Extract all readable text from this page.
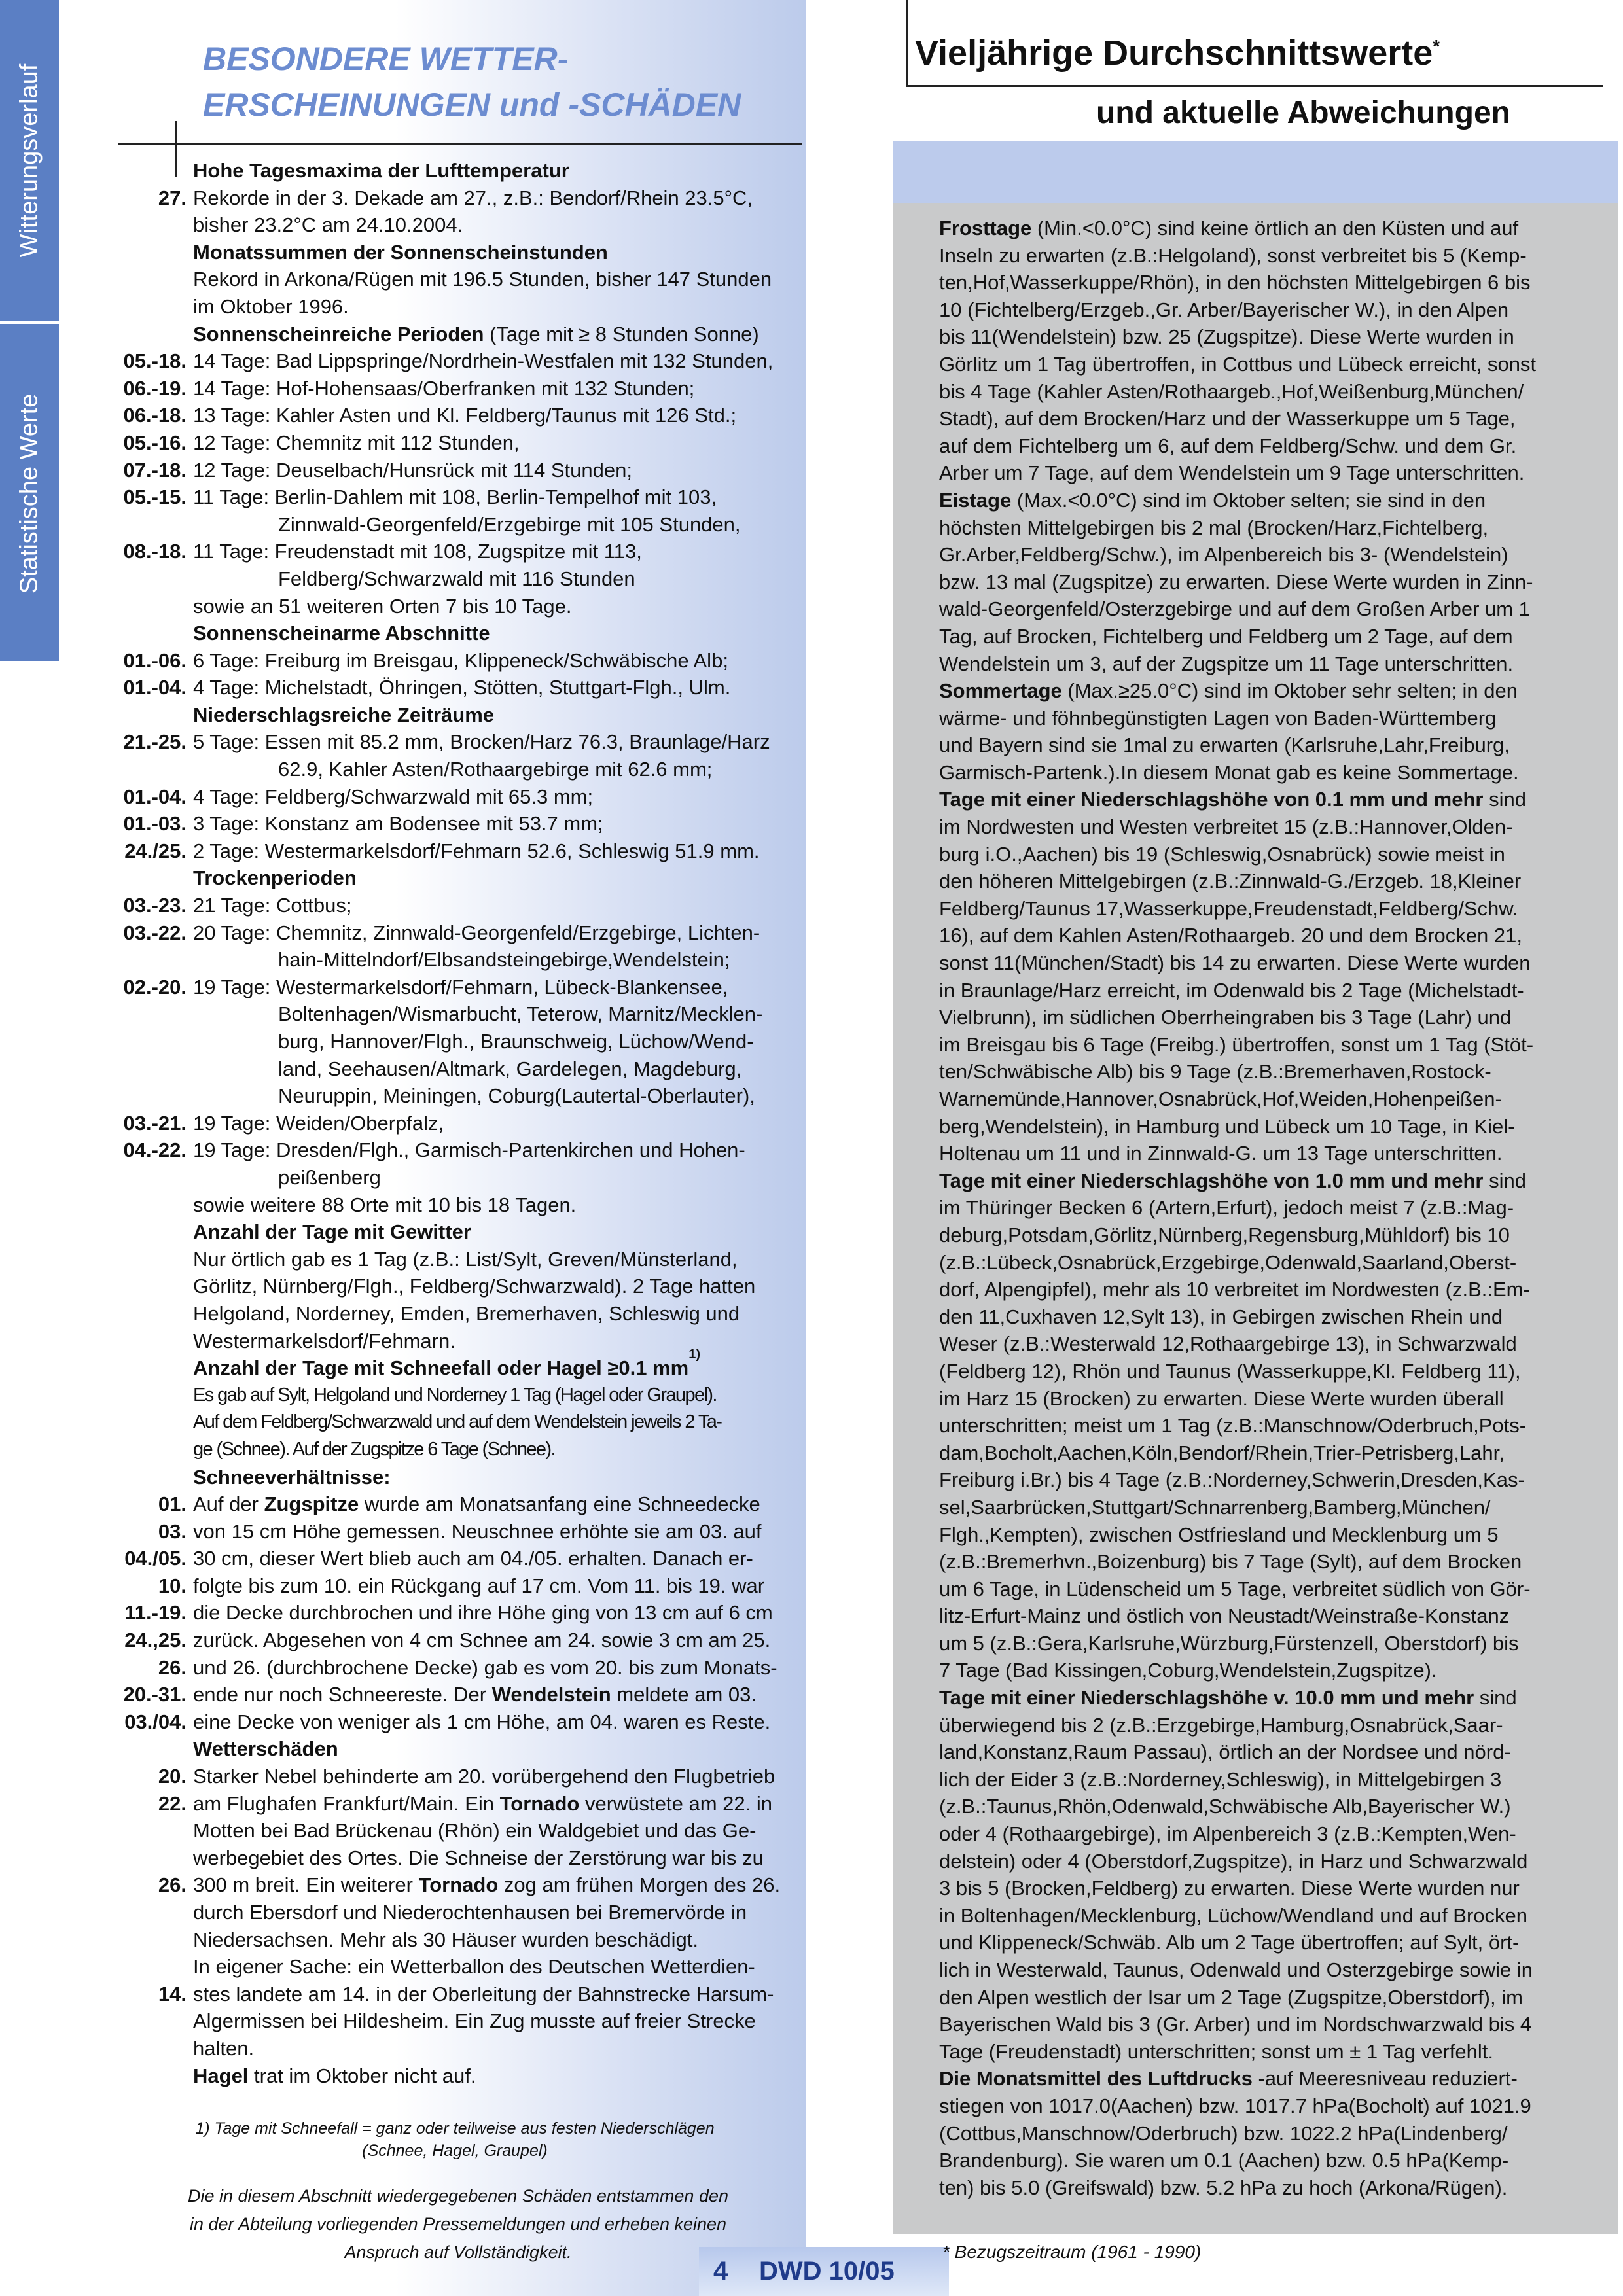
Witterungsverlauf
Statistische Werte
BESONDERE WETTER-
ERSCHEINUNGEN und -SCHÄDEN
Hohe Tagesmaxima der Lufttemperatur
27. Rekorde in der 3. Dekade am 27., z.B.: Bendorf/Rhein 23.5°C,
bisher 23.2°C am 24.10.2004.
Monatssummen der Sonnenscheinstunden
Rekord in Arkona/Rügen mit 196.5 Stunden, bisher 147 Stunden
im Oktober 1996.
Sonnenscheinreiche Perioden (Tage mit ≥ 8 Stunden Sonne)
05.-18. 14 Tage: Bad Lippspringe/Nordrhein-Westfalen mit 132 Stunden,
06.-19. 14 Tage: Hof-Hohensaas/Oberfranken mit 132 Stunden;
06.-18. 13 Tage: Kahler Asten und Kl. Feldberg/Taunus mit 126 Std.;
05.-16. 12 Tage: Chemnitz mit 112 Stunden,
07.-18. 12 Tage: Deuselbach/Hunsrück mit 114 Stunden;
05.-15. 11 Tage: Berlin-Dahlem mit 108, Berlin-Tempelhof mit 103,
Zinnwald-Georgenfeld/Erzgebirge mit 105 Stunden,
08.-18. 11 Tage: Freudenstadt mit 108, Zugspitze mit 113,
Feldberg/Schwarzwald mit 116 Stunden
sowie an 51 weiteren Orten 7 bis 10 Tage.
Sonnenscheinarme Abschnitte
01.-06. 6 Tage: Freiburg im Breisgau, Klippeneck/Schwäbische Alb;
01.-04. 4 Tage: Michelstadt, Öhringen, Stötten, Stuttgart-Flgh., Ulm.
Niederschlagsreiche Zeiträume
21.-25. 5 Tage: Essen mit 85.2 mm, Brocken/Harz 76.3, Braunlage/Harz
62.9, Kahler Asten/Rothaargebirge mit 62.6 mm;
01.-04. 4 Tage: Feldberg/Schwarzwald mit 65.3 mm;
01.-03. 3 Tage: Konstanz am Bodensee mit 53.7 mm;
24./25. 2 Tage: Westermarkelsdorf/Fehmarn 52.6, Schleswig 51.9 mm.
Trockenperioden
03.-23. 21 Tage: Cottbus;
03.-22. 20 Tage: Chemnitz, Zinnwald-Georgenfeld/Erzgebirge, Lichten-
hain-Mittelndorf/Elbsandsteingebirge,Wendelstein;
02.-20. 19 Tage: Westermarkelsdorf/Fehmarn, Lübeck-Blankensee,
Boltenhagen/Wismarbucht, Teterow, Marnitz/Mecklen-
burg, Hannover/Flgh., Braunschweig, Lüchow/Wend-
land, Seehausen/Altmark, Gardelegen, Magdeburg,
Neuruppin, Meiningen, Coburg(Lautertal-Oberlauter),
03.-21. 19 Tage: Weiden/Oberpfalz,
04.-22. 19 Tage: Dresden/Flgh., Garmisch-Partenkirchen und Hohen-
peißenberg
sowie weitere 88 Orte mit 10 bis 18 Tagen.
Anzahl der Tage mit Gewitter
Nur örtlich gab es 1 Tag (z.B.: List/Sylt, Greven/Münsterland,
Görlitz, Nürnberg/Flgh., Feldberg/Schwarzwald). 2 Tage hatten
Helgoland, Norderney, Emden, Bremerhaven, Schleswig und
Westermarkelsdorf/Fehmarn.
Anzahl der Tage mit Schneefall oder Hagel ≥0.1 mm
1)
Es gab auf Sylt, Helgoland und Norderney 1 Tag (Hagel oder Graupel).
Auf dem Feldberg/Schwarzwald und auf dem Wendelstein jeweils 2 Ta-
ge (Schnee). Auf der Zugspitze 6 Tage (Schnee).
Schneeverhältnisse:
01. Auf der Zugspitze wurde am Monatsanfang eine Schneedecke
03. von 15 cm Höhe gemessen. Neuschnee erhöhte sie am 03. auf
04./05. 30 cm, dieser Wert blieb auch am 04./05. erhalten. Danach er-
10. folgte bis zum 10. ein Rückgang auf 17 cm. Vom 11. bis 19. war
11.-19. die Decke durchbrochen und ihre Höhe ging von 13 cm auf 6 cm
24.,25. zurück. Abgesehen von 4 cm Schnee am 24. sowie 3 cm am 25.
26. und 26. (durchbrochene Decke) gab es vom 20. bis zum Monats-
20.-31. ende nur noch Schneereste. Der Wendelstein meldete am 03.
03./04. eine Decke von weniger als 1 cm Höhe, am 04. waren es Reste.
Wetterschäden
20. Starker Nebel behinderte am 20. vorübergehend den Flugbetrieb
22. am Flughafen Frankfurt/Main. Ein Tornado verwüstete am 22. in
Motten bei Bad Brückenau (Rhön) ein Waldgebiet und das Ge-
werbegebiet des Ortes. Die Schneise der Zerstörung war bis zu
26. 300 m breit. Ein weiterer Tornado zog am frühen Morgen des 26.
durch Ebersdorf und Niederochtenhausen bei Bremervörde in
Niedersachsen. Mehr als 30 Häuser wurden beschädigt.
In eigener Sache: ein Wetterballon des Deutschen Wetterdien-
14. stes landete am 14. in der Oberleitung der Bahnstrecke Harsum-
Algermissen bei Hildesheim. Ein Zug musste auf freier Strecke
halten.
Hagel trat im Oktober nicht auf.
1) Tage mit Schneefall = ganz oder teilweise aus festen Niederschlägen
(Schnee, Hagel, Graupel)
Die in diesem Abschnitt wiedergegebenen Schäden entstammen den
in der Abteilung vorliegenden Pressemeldungen und erheben keinen
Anspruch auf Vollständigkeit.
4 DWD 10/05
Vieljährige Durchschnittswerte*
und aktuelle Abweichungen
Frosttage (Min.<0.0°C) sind keine örtlich an den Küsten und auf
Inseln zu erwarten (z.B.:Helgoland), sonst verbreitet bis 5 (Kemp-
ten,Hof,Wasserkuppe/Rhön), in den höchsten Mittelgebirgen 6 bis
10 (Fichtelberg/Erzgeb.,Gr. Arber/Bayerischer W.), in den Alpen
bis 11(Wendelstein) bzw. 25 (Zugspitze). Diese Werte wurden in
Görlitz um 1 Tag übertroffen, in Cottbus und Lübeck erreicht, sonst
bis 4 Tage (Kahler Asten/Rothaargeb.,Hof,Weißenburg,München/
Stadt), auf dem Brocken/Harz und der Wasserkuppe um 5 Tage,
auf dem Fichtelberg um 6, auf dem Feldberg/Schw. und dem Gr.
Arber um 7 Tage, auf dem Wendelstein um 9 Tage unterschritten.
Eistage (Max.<0.0°C) sind im Oktober selten; sie sind in den
höchsten Mittelgebirgen bis 2 mal (Brocken/Harz,Fichtelberg,
Gr.Arber,Feldberg/Schw.), im Alpenbereich bis 3- (Wendelstein)
bzw. 13 mal (Zugspitze) zu erwarten. Diese Werte wurden in Zinn-
wald-Georgenfeld/Osterzgebirge und auf dem Großen Arber um 1
Tag, auf Brocken, Fichtelberg und Feldberg um 2 Tage, auf dem
Wendelstein um 3, auf der Zugspitze um 11 Tage unterschritten.
Sommertage (Max.≥25.0°C) sind im Oktober sehr selten; in den
wärme- und föhnbegünstigten Lagen von Baden-Württemberg
und Bayern sind sie 1mal zu erwarten (Karlsruhe,Lahr,Freiburg,
Garmisch-Partenk.).In diesem Monat gab es keine Sommertage.
Tage mit einer Niederschlagshöhe von 0.1 mm und mehr sind
im Nordwesten und Westen verbreitet 15 (z.B.:Hannover,Olden-
burg i.O.,Aachen) bis 19 (Schleswig,Osnabrück) sowie meist in
den höheren Mittelgebirgen (z.B.:Zinnwald-G./Erzgeb. 18,Kleiner
Feldberg/Taunus 17,Wasserkuppe,Freudenstadt,Feldberg/Schw.
16), auf dem Kahlen Asten/Rothaargeb. 20 und dem Brocken 21,
sonst 11(München/Stadt) bis 14 zu erwarten. Diese Werte wurden
in Braunlage/Harz erreicht, im Odenwald bis 2 Tage (Michelstadt-
Vielbrunn), im südlichen Oberrheingraben bis 3 Tage (Lahr) und
im Breisgau bis 6 Tage (Freibg.) übertroffen, sonst um 1 Tag (Stöt-
ten/Schwäbische Alb) bis 9 Tage (z.B.:Bremerhaven,Rostock-
Warnemünde,Hannover,Osnabrück,Hof,Weiden,Hohenpeißen-
berg,Wendelstein), in Hamburg und Lübeck um 10 Tage, in Kiel-
Holtenau um 11 und in Zinnwald-G. um 13 Tage unterschritten.
Tage mit einer Niederschlagshöhe von 1.0 mm und mehr sind
im Thüringer Becken 6 (Artern,Erfurt), jedoch meist 7 (z.B.:Mag-
deburg,Potsdam,Görlitz,Nürnberg,Regensburg,Mühldorf) bis 10
(z.B.:Lübeck,Osnabrück,Erzgebirge,Odenwald,Saarland,Oberst-
dorf, Alpengipfel), mehr als 10 verbreitet im Nordwesten (z.B.:Em-
den 11,Cuxhaven 12,Sylt 13), in Gebirgen zwischen Rhein und
Weser (z.B.:Westerwald 12,Rothaargebirge 13), in Schwarzwald
(Feldberg 12), Rhön und Taunus (Wasserkuppe,Kl. Feldberg 11),
im Harz 15 (Brocken) zu erwarten. Diese Werte wurden überall
unterschritten; meist um 1 Tag (z.B.:Manschnow/Oderbruch,Pots-
dam,Bocholt,Aachen,Köln,Bendorf/Rhein,Trier-Petrisberg,Lahr,
Freiburg i.Br.) bis 4 Tage (z.B.:Norderney,Schwerin,Dresden,Kas-
sel,Saarbrücken,Stuttgart/Schnarrenberg,Bamberg,München/
Flgh.,Kempten), zwischen Ostfriesland und Mecklenburg um 5
(z.B.:Bremerhvn.,Boizenburg) bis 7 Tage (Sylt), auf dem Brocken
um 6 Tage, in Lüdenscheid um 5 Tage, verbreitet südlich von Gör-
litz-Erfurt-Mainz und östlich von Neustadt/Weinstraße-Konstanz
um 5 (z.B.:Gera,Karlsruhe,Würzburg,Fürstenzell, Oberstdorf) bis
7 Tage (Bad Kissingen,Coburg,Wendelstein,Zugspitze).
Tage mit einer Niederschlagshöhe v. 10.0 mm und mehr sind
überwiegend bis 2 (z.B.:Erzgebirge,Hamburg,Osnabrück,Saar-
land,Konstanz,Raum Passau), örtlich an der Nordsee und nörd-
lich der Eider 3 (z.B.:Norderney,Schleswig), in Mittelgebirgen 3
(z.B.:Taunus,Rhön,Odenwald,Schwäbische Alb,Bayerischer W.)
oder 4 (Rothaargebirge), im Alpenbereich 3 (z.B.:Kempten,Wen-
delstein) oder 4 (Oberstdorf,Zugspitze), in Harz und Schwarzwald
3 bis 5 (Brocken,Feldberg) zu erwarten. Diese Werte wurden nur
in Boltenhagen/Mecklenburg, Lüchow/Wendland und auf Brocken
und Klippeneck/Schwäb. Alb um 2 Tage übertroffen; auf Sylt, ört-
lich in Westerwald, Taunus, Odenwald und Osterzgebirge sowie in
den Alpen westlich der Isar um 2 Tage (Zugspitze,Oberstdorf), im
Bayerischen Wald bis 3 (Gr. Arber) und im Nordschwarzwald bis 4
Tage (Freudenstadt) unterschritten; sonst um ± 1 Tag verfehlt.
Die Monatsmittel des Luftdrucks -auf Meeresniveau reduziert-
stiegen von 1017.0(Aachen) bzw. 1017.7 hPa(Bocholt) auf 1021.9
(Cottbus,Manschnow/Oderbruch) bzw. 1022.2 hPa(Lindenberg/
Brandenburg). Sie waren um 0.1 (Aachen) bzw. 0.5 hPa(Kemp-
ten) bis 5.0 (Greifswald) bzw. 5.2 hPa zu hoch (Arkona/Rügen).
* Bezugszeitraum (1961 - 1990)
